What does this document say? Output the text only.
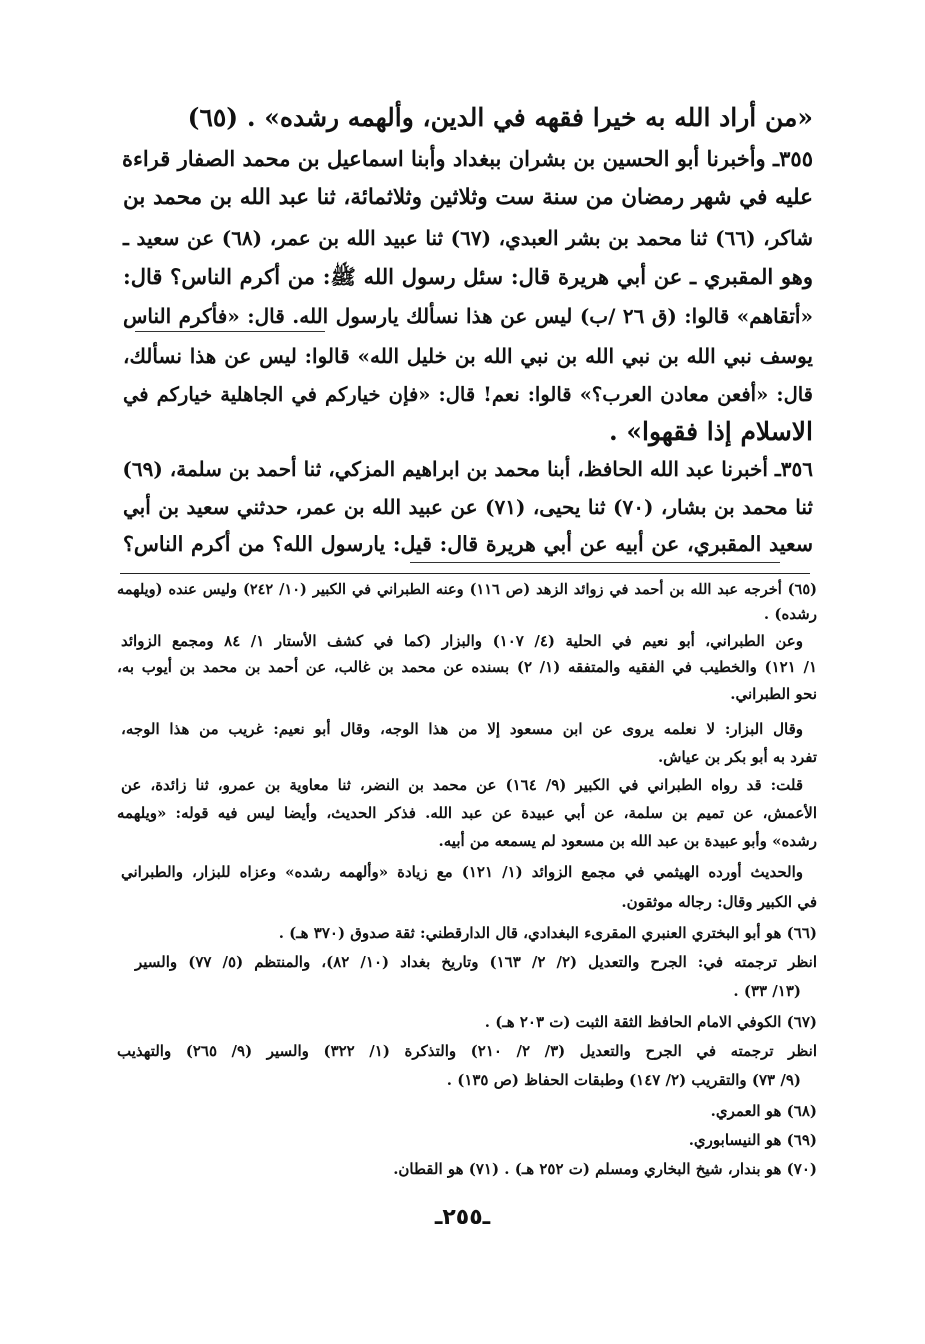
«من أراد الله به خيرا فقهه في الدين، وألهمه رشده» . (٦٥)
٣٥٥ـ وأخبرنا أبو الحسين بن بشران ببغداد وأبنا اسماعيل بن محمد الصفار قراءة
عليه في شهر رمضان من سنة ست وثلاثين وثلاثمائة، ثنا عبد الله بن محمد بن
شاكر، (٦٦) ثنا محمد بن بشر العبدي، (٦٧) ثنا عبيد الله بن عمر، (٦٨) عن سعيد ـ
وهو المقبري ـ عن أبي هريرة قال: سئل رسول الله ﷺ: من أكرم الناس؟ قال:
«أتقاهم» قالوا: (ق ٢٦ /ب) ليس عن هذا نسألك يارسول الله. قال: «فأكرم الناس
يوسف نبي الله بن نبي الله بن نبي الله بن خليل الله» قالوا: ليس عن هذا نسألك،
قال: «أفعن معادن العرب؟» قالوا: نعم! قال: «فإن خياركم في الجاهلية خياركم في
الاسلام إذا فقهوا» .
٣٥٦ـ أخبرنا عبد الله الحافظ، أبنا محمد بن ابراهيم المزكي، ثنا أحمد بن سلمة، (٦٩)
ثنا محمد بن بشار، (٧٠) ثنا يحيى، (٧١) عن عبيد الله بن عمر، حدثني سعيد بن أبي
سعيد المقبري، عن أبيه عن أبي هريرة قال: قيل: يارسول الله؟ من أكرم الناس؟
(٦٥) أخرجه عبد الله بن أحمد في زوائد الزهد (ص ١١٦) وعنه الطبراني في الكبير (١٠/ ٢٤٢) وليس عنده (ويلهمه
رشده) .
وعن الطبراني، أبو نعيم في الحلية (٤/ ١٠٧) والبزار (كما في كشف الأستار ١/ ٨٤ ومجمع الزوائد
١/ ١٢١) والخطيب في الفقيه والمتفقه (١/ ٢) بسنده عن محمد بن غالب، عن أحمد بن محمد بن أيوب به،
نحو الطبراني.
وقال البزار: لا نعلمه يروى عن ابن مسعود إلا من هذا الوجه، وقال أبو نعيم: غريب من هذا الوجه،
تفرد به أبو بكر بن عياش.
قلت: قد رواه الطبراني في الكبير (٩/ ١٦٤) عن محمد بن النضر، ثنا معاوية بن عمرو، ثنا زائدة، عن
الأعمش، عن تميم بن سلمة، عن أبي عبيدة عن عبد الله. فذكر الحديث، وأيضا ليس فيه قوله: «ويلهمه
رشده» وأبو عبيدة بن عبد الله بن مسعود لم يسمعه من أبيه.
والحديث أورده الهيثمي في مجمع الزوائد (١/ ١٢١) مع زيادة «وألهمه رشده» وعزاه للبزار، والطبراني
في الكبير وقال: رجاله موثقون.
(٦٦) هو أبو البختري العنبري المقرىء البغدادي، قال الدارقطني: ثقة صدوق (٣٧٠ هـ) .
انظر ترجمته في: الجرح والتعديل (٢/ ٢/ ١٦٣) وتاريخ بغداد (١٠/ ٨٢)، والمنتظم (٥/ ٧٧) والسير
(١٣/ ٣٣) .
(٦٧) الكوفي الامام الحافظ الثقة الثبت (ت ٢٠٣ هـ) .
انظر ترجمته في الجرح والتعديل (٣/ ٢/ ٢١٠) والتذكرة (١/ ٣٢٢) والسير (٩/ ٢٦٥) والتهذيب
(٩/ ٧٣) والتقريب (٢/ ١٤٧) وطبقات الحفاظ (ص ١٣٥) .
(٦٨) هو العمري.
(٦٩) هو النيسابوري.
(٧٠) هو بندار، شيخ البخاري ومسلم (ت ٢٥٢ هـ) . (٧١) هو القطان.
ـ٢٥٥ـ
